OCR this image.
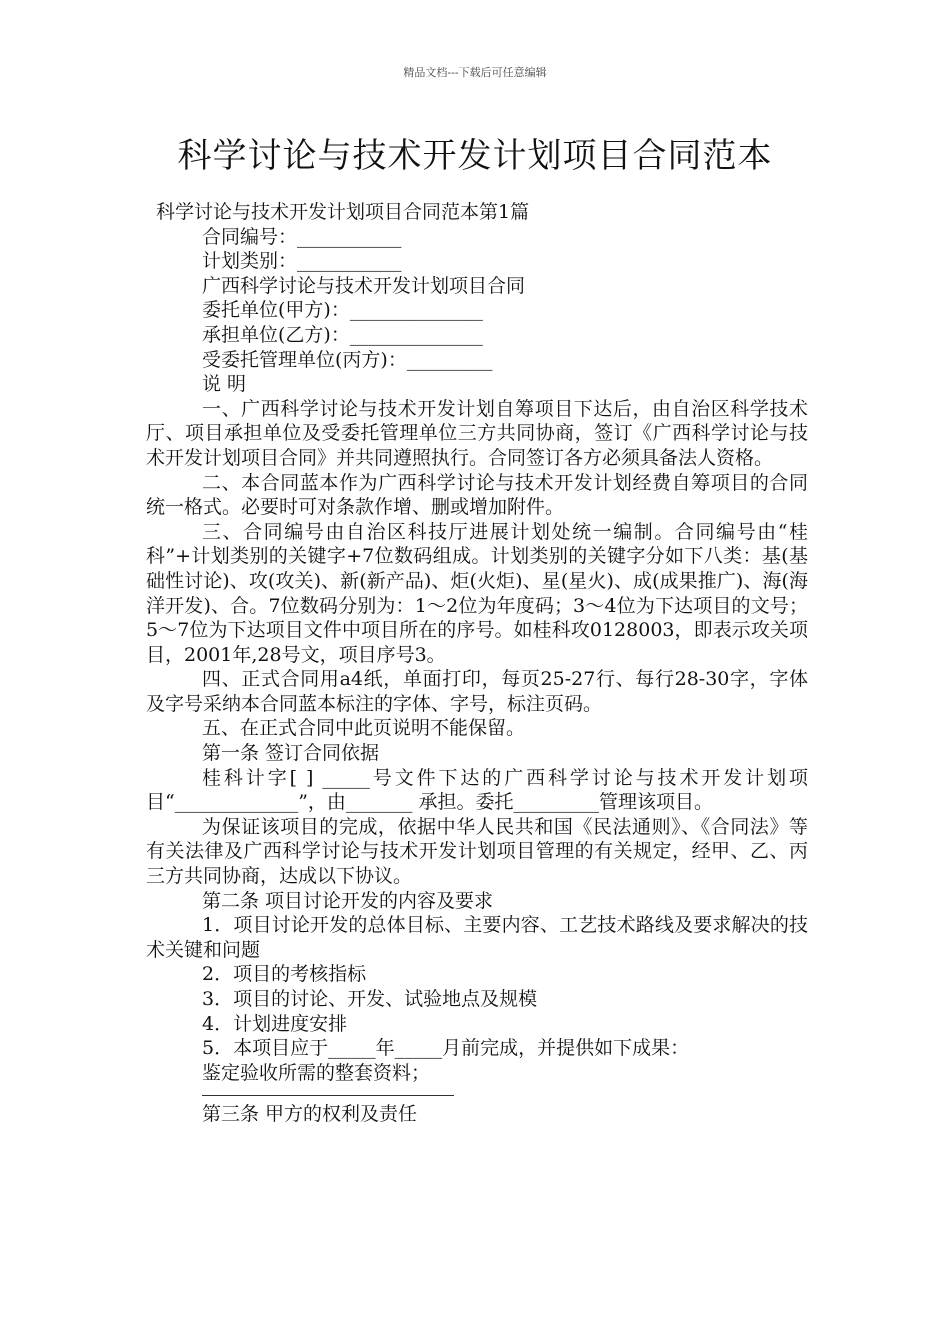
精品文档---下载后可任意编辑
科学讨论与技术开发计划项目合同范本

科学讨论与技术开发计划项目合同范本第1篇

合同编号：___________

计划类别：___________

广西科学讨论与技术开发计划项目合同

委托单位(甲方)：______________

承担单位(乙方)：______________

受委托管理单位(丙方)：_________

说 明

一、广西科学讨论与技术开发计划自筹项目下达后，由自治区科学技术厅、项目承担单位及受委托管理单位三方共同协商，签订《广西科学讨论与技术开发计划项目合同》并共同遵照执行。合同签订各方必须具备法人资格。

二、本合同蓝本作为广西科学讨论与技术开发计划经费自筹项目的合同统一格式。必要时可对条款作增、删或增加附件。

三、合同编号由自治区科技厅进展计划处统一编制。合同编号由“桂科”+计划类别的关键字+7位数码组成。计划类别的关键字分如下八类：基(基础性讨论)、攻(攻关)、新(新产品)、炬(火炬)、星(星火)、成(成果推广)、海(海洋开发)、合。7位数码分别为：1～2位为年度码；3～4位为下达项目的文号；5～7位为下达项目文件中项目所在的序号。如桂科攻0128003，即表示攻关项目，2001年,28号文，项目序号3。

四、正式合同用a4纸，单面打印，每页25-27行、每行28-30字，字体及字号采纳本合同蓝本标注的字体、字号，标注页码。

五、在正式合同中此页说明不能保留。

第一条 签订合同依据

桂科计字[ ] _____号文件下达的广西科学讨论与技术开发计划项目“_____________”，由_______ 承担。委托_________管理该项目。

为保证该项目的完成，依据中华人民共和国《民法通则》、《合同法》等有关法律及广西科学讨论与技术开发计划项目管理的有关规定，经甲、乙、丙三方共同协商，达成以下协议。

第二条 项目讨论开发的内容及要求

1．项目讨论开发的总体目标、主要内容、工艺技术路线及要求解决的技术关键和问题

2．项目的考核指标

3．项目的讨论、开发、试验地点及规模

4．计划进度安排

5．本项目应于_____年_____月前完成，并提供如下成果：

鉴定验收所需的整套资料；

第三条 甲方的权利及责任
